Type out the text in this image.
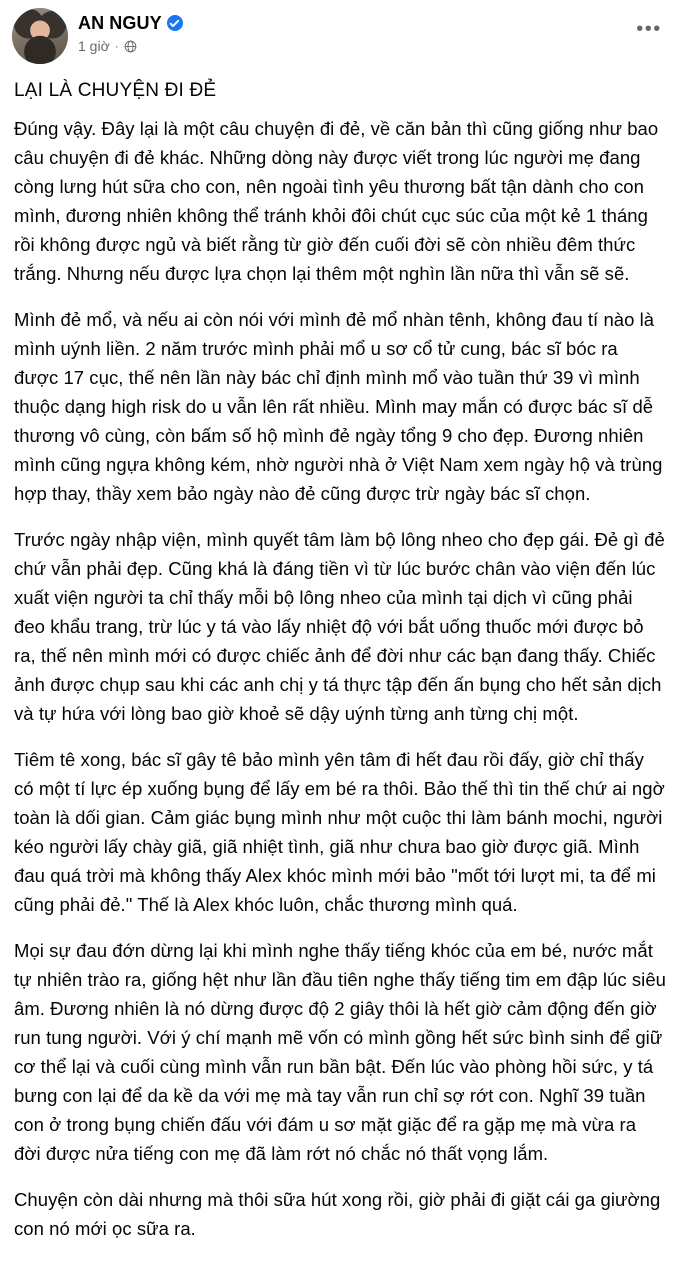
AN NGUY
1 giờ ·
•••
LẠI LÀ CHUYỆN ĐI ĐẺ

Đúng vậy. Đây lại là một câu chuyện đi đẻ, về căn bản thì cũng giống như bao câu chuyện đi đẻ khác. Những dòng này được viết trong lúc người mẹ đang còng lưng hút sữa cho con, nên ngoài tình yêu thương bất tận dành cho con mình, đương nhiên không thể tránh khỏi đôi chút cục súc của một kẻ 1 tháng rồi không được ngủ và biết rằng từ giờ đến cuối đời sẽ còn nhiều đêm thức trắng. Nhưng nếu được lựa chọn lại thêm một nghìn lần nữa thì vẫn sẽ sẽ.

Mình đẻ mổ, và nếu ai còn nói với mình đẻ mổ nhàn tênh, không đau tí nào là mình uýnh liền. 2 năm trước mình phải mổ u sơ cổ tử cung, bác sĩ bóc ra được 17 cục, thế nên lần này bác chỉ định mình mổ vào tuần thứ 39 vì mình thuộc dạng high risk do u vẫn lên rất nhiều. Mình may mắn có được bác sĩ dễ thương vô cùng, còn bấm số hộ mình đẻ ngày tổng 9 cho đẹp. Đương nhiên mình cũng ngựa không kém, nhờ người nhà ở Việt Nam xem ngày hộ và trùng hợp thay, thầy xem bảo ngày nào đẻ cũng được trừ ngày bác sĩ chọn.

Trước ngày nhập viện, mình quyết tâm làm bộ lông nheo cho đẹp gái. Đẻ gì đẻ chứ vẫn phải đẹp. Cũng khá là đáng tiền vì từ lúc bước chân vào viện đến lúc xuất viện người ta chỉ thấy mỗi bộ lông nheo của mình tại dịch vì cũng phải đeo khẩu trang, trừ lúc y tá vào lấy nhiệt độ với bắt uống thuốc mới được bỏ ra, thế nên mình mới có được chiếc ảnh để đời như các bạn đang thấy. Chiếc ảnh được chụp sau khi các anh chị y tá thực tập đến ấn bụng cho hết sản dịch và tự hứa với lòng bao giờ khoẻ sẽ dậy uýnh từng anh từng chị một.

Tiêm tê xong, bác sĩ gây tê bảo mình yên tâm đi hết đau rồi đấy, giờ chỉ thấy có một tí lực ép xuống bụng để lấy em bé ra thôi. Bảo thế thì tin thế chứ ai ngờ toàn là dối gian. Cảm giác bụng mình như một cuộc thi làm bánh mochi, người kéo người lấy chày giã, giã nhiệt tình, giã như chưa bao giờ được giã. Mình đau quá trời mà không thấy Alex khóc mình mới bảo "mốt tới lượt mi, ta để mi cũng phải đẻ." Thế là Alex khóc luôn, chắc thương mình quá.

Mọi sự đau đớn dừng lại khi mình nghe thấy tiếng khóc của em bé, nước mắt tự nhiên trào ra, giống hệt như lần đầu tiên nghe thấy tiếng tim em đập lúc siêu âm. Đương nhiên là nó dừng được độ 2 giây thôi là hết giờ cảm động đến giờ run tung người. Với ý chí mạnh mẽ vốn có mình gồng hết sức bình sinh để giữ cơ thể lại và cuối cùng mình vẫn run bần bật. Đến lúc vào phòng hồi sức, y tá bưng con lại để da kề da với mẹ mà tay vẫn run chỉ sợ rớt con. Nghĩ 39 tuần con ở trong bụng chiến đấu với đám u sơ mặt giặc để ra gặp mẹ mà vừa ra đời được nửa tiếng con mẹ đã làm rớt nó chắc nó thất vọng lắm.

Chuyện còn dài nhưng mà thôi sữa hút xong rồi, giờ phải đi giặt cái ga giường con nó mới ọc sữa ra.
